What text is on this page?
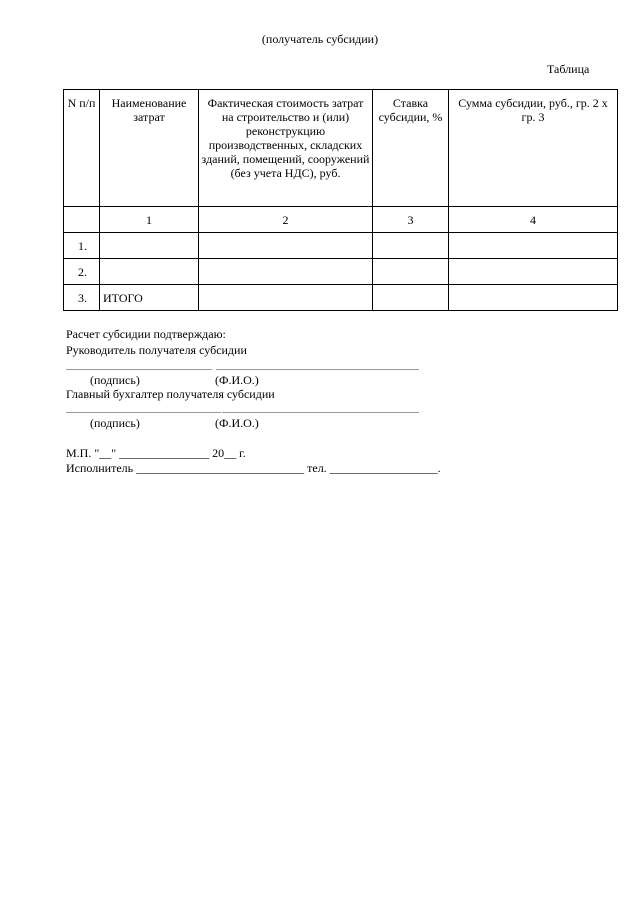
(получатель субсидии)
Таблица
N п/п	Наименование затрат	Фактическая стоимость затрат на строительство и (или) реконструкцию производственных, складских зданий, помещений, сооружений (без учета НДС), руб.	Ставка субсидии, %	Сумма субсидии, руб., гр. 2 x гр. 3
	1	2	3	4
1.				
2.				
3.	ИТОГО			
Расчет субсидии подтверждаю:
Руководитель получателя субсидии
(подпись)	(Ф.И.О.)
Главный бухгалтер получателя субсидии
(подпись)	(Ф.И.О.)
М.П. "__" _______________ 20__ г.
Исполнитель ____________________________ тел. __________________.
